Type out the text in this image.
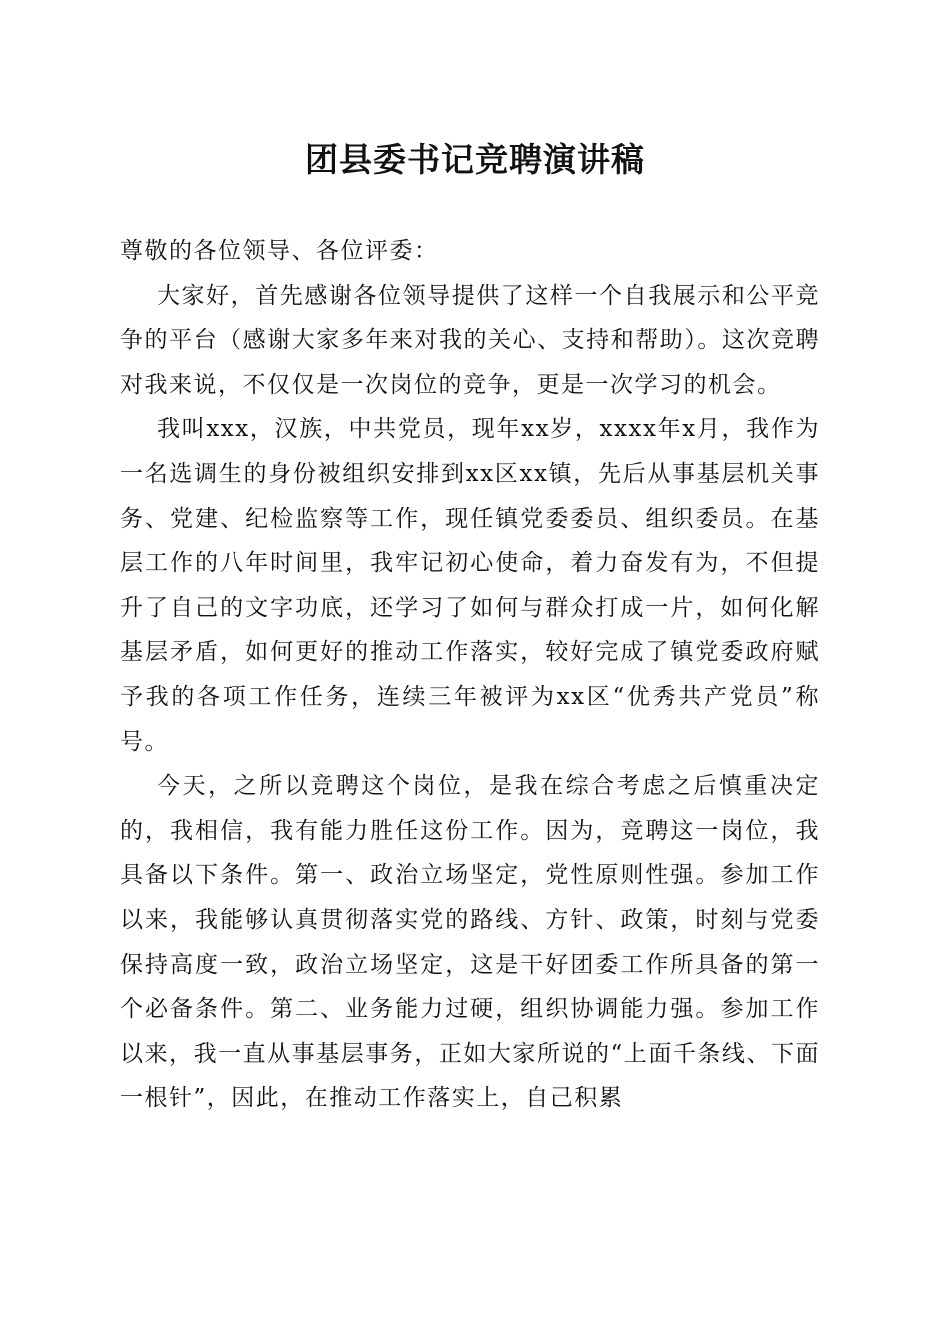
团县委书记竞聘演讲稿

尊敬的各位领导、各位评委：

大家好，首先感谢各位领导提供了这样一个自我展示和公平竞争的平台（感谢大家多年来对我的关心、支持和帮助）。这次竞聘对我来说，不仅仅是一次岗位的竞争，更是一次学习的机会。

我叫xxx，汉族，中共党员，现年xx岁，xxxx年x月，我作为一名选调生的身份被组织安排到xx区xx镇，先后从事基层机关事务、党建、纪检监察等工作，现任镇党委委员、组织委员。在基层工作的八年时间里，我牢记初心使命，着力奋发有为，不但提升了自己的文字功底，还学习了如何与群众打成一片，如何化解基层矛盾，如何更好的推动工作落实，较好完成了镇党委政府赋予我的各项工作任务，连续三年被评为xx区“优秀共产党员”称号。

今天，之所以竞聘这个岗位，是我在综合考虑之后慎重决定的，我相信，我有能力胜任这份工作。因为，竞聘这一岗位，我具备以下条件。第一、政治立场坚定，党性原则性强。参加工作以来，我能够认真贯彻落实党的路线、方针、政策，时刻与党委保持高度一致，政治立场坚定，这是干好团委工作所具备的第一个必备条件。第二、业务能力过硬，组织协调能力强。参加工作以来，我一直从事基层事务，正如大家所说的“上面千条线、下面一根针”，因此，在推动工作落实上，自己积累
